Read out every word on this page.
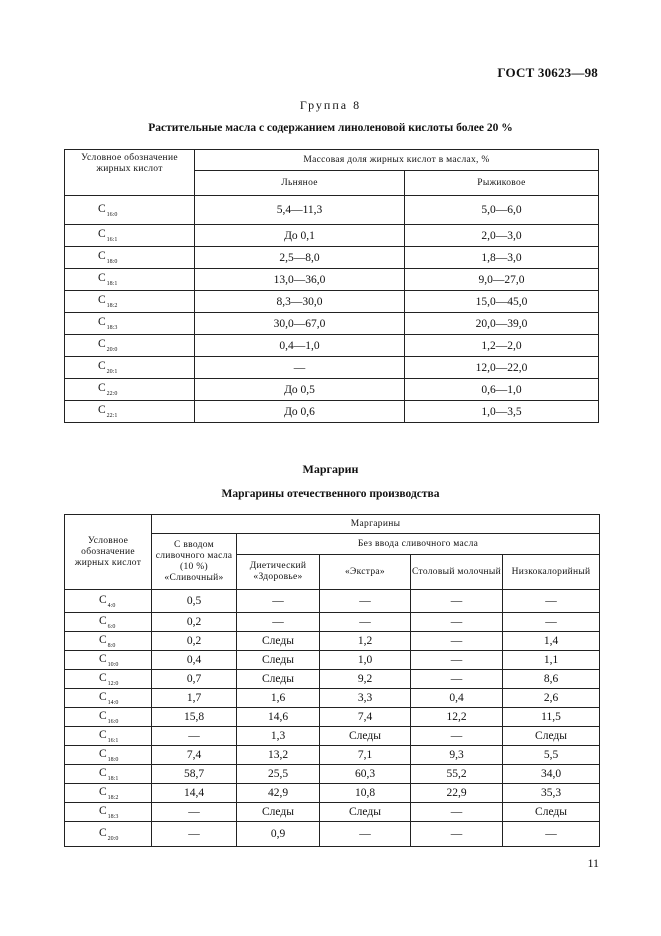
ГОСТ 30623—98
Группа 8
Растительные масла с содержанием линоленовой кислоты более 20 %
Условное обозначение жирных кислот	Массовая доля жирных кислот в маслах, %	
	Льняное	Рыжиковое
$C_{16:0}$	5,4—11,3	5,0—6,0
$C_{16:1}$	До 0,1	2,0—3,0
$C_{18:0}$	2,5—8,0	1,8—3,0
$C_{18:1}$	13,0—36,0	9,0—27,0
$C_{18:2}$	8,3—30,0	15,0—45,0
$C_{18:3}$	30,0—67,0	20,0—39,0
$C_{20:0}$	0,4—1,0	1,2—2,0
$C_{20:1}$	—	12,0—22,0
$C_{22:0}$	До 0,5	0,6—1,0
$C_{22:1}$	До 0,6	1,0—3,5
Маргарин
Маргарины отечественного производства
Условное обозначение жирных кислот	Маргарины				
	С вводом сливочного масла (10 %) «Сливочный»	Без ввода сливочного масла			
		Диетический «Здоровье»	«Экстра»	Столовый молочный	Низкокалорийный
$C_{4:0}$	0,5	—	—	—	—
$C_{6:0}$	0,2	—	—	—	—
$C_{8:0}$	0,2	Следы	1,2	—	1,4
$C_{10:0}$	0,4	Следы	1,0	—	1,1
$C_{12:0}$	0,7	Следы	9,2	—	8,6
$C_{14:0}$	1,7	1,6	3,3	0,4	2,6
$C_{16:0}$	15,8	14,6	7,4	12,2	11,5
$C_{16:1}$	—	1,3	Следы	—	Следы
$C_{18:0}$	7,4	13,2	7,1	9,3	5,5
$C_{18:1}$	58,7	25,5	60,3	55,2	34,0
$C_{18:2}$	14,4	42,9	10,8	22,9	35,3
$C_{18:3}$	—	Следы	Следы	—	Следы
$C_{20:0}$	—	0,9	—	—	—
11
